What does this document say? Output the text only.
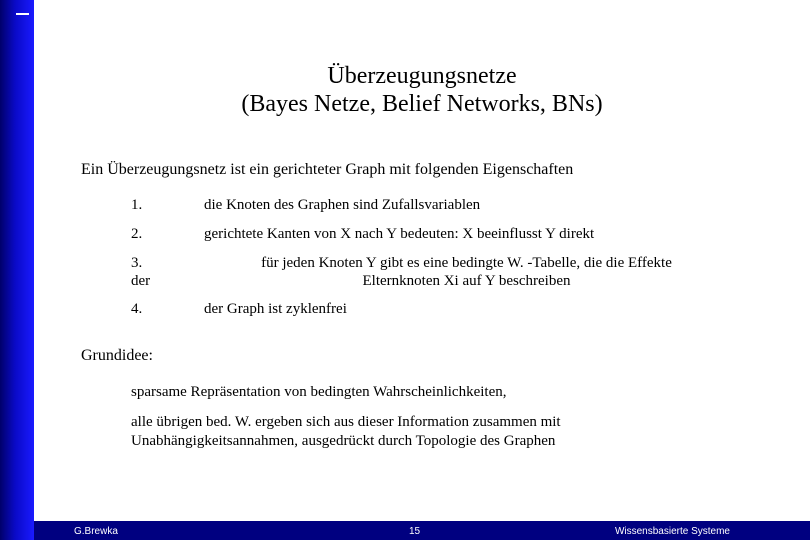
Überzeugungsnetze
(Bayes Netze, Belief Networks, BNs)
Ein Überzeugungsnetz ist ein gerichteter Graph mit folgenden Eigenschaften
1.	die Knoten des Graphen sind Zufallsvariablen
2.	gerichtete Kanten von X nach Y bedeuten: X beeinflusst Y direkt
3.
der
für jeden Knoten Y gibt es eine bedingte W. -Tabelle, die die Effekte
Elternknoten Xi auf Y beschreiben
4.	der Graph ist zyklenfrei
Grundidee:
sparsame Repräsentation von bedingten Wahrscheinlichkeiten,
alle übrigen bed. W. ergeben sich aus dieser Information zusammen mit
Unabhängigkeitsannahmen, ausgedrückt durch Topologie des Graphen
G.Brewka	15	Wissensbasierte Systeme
